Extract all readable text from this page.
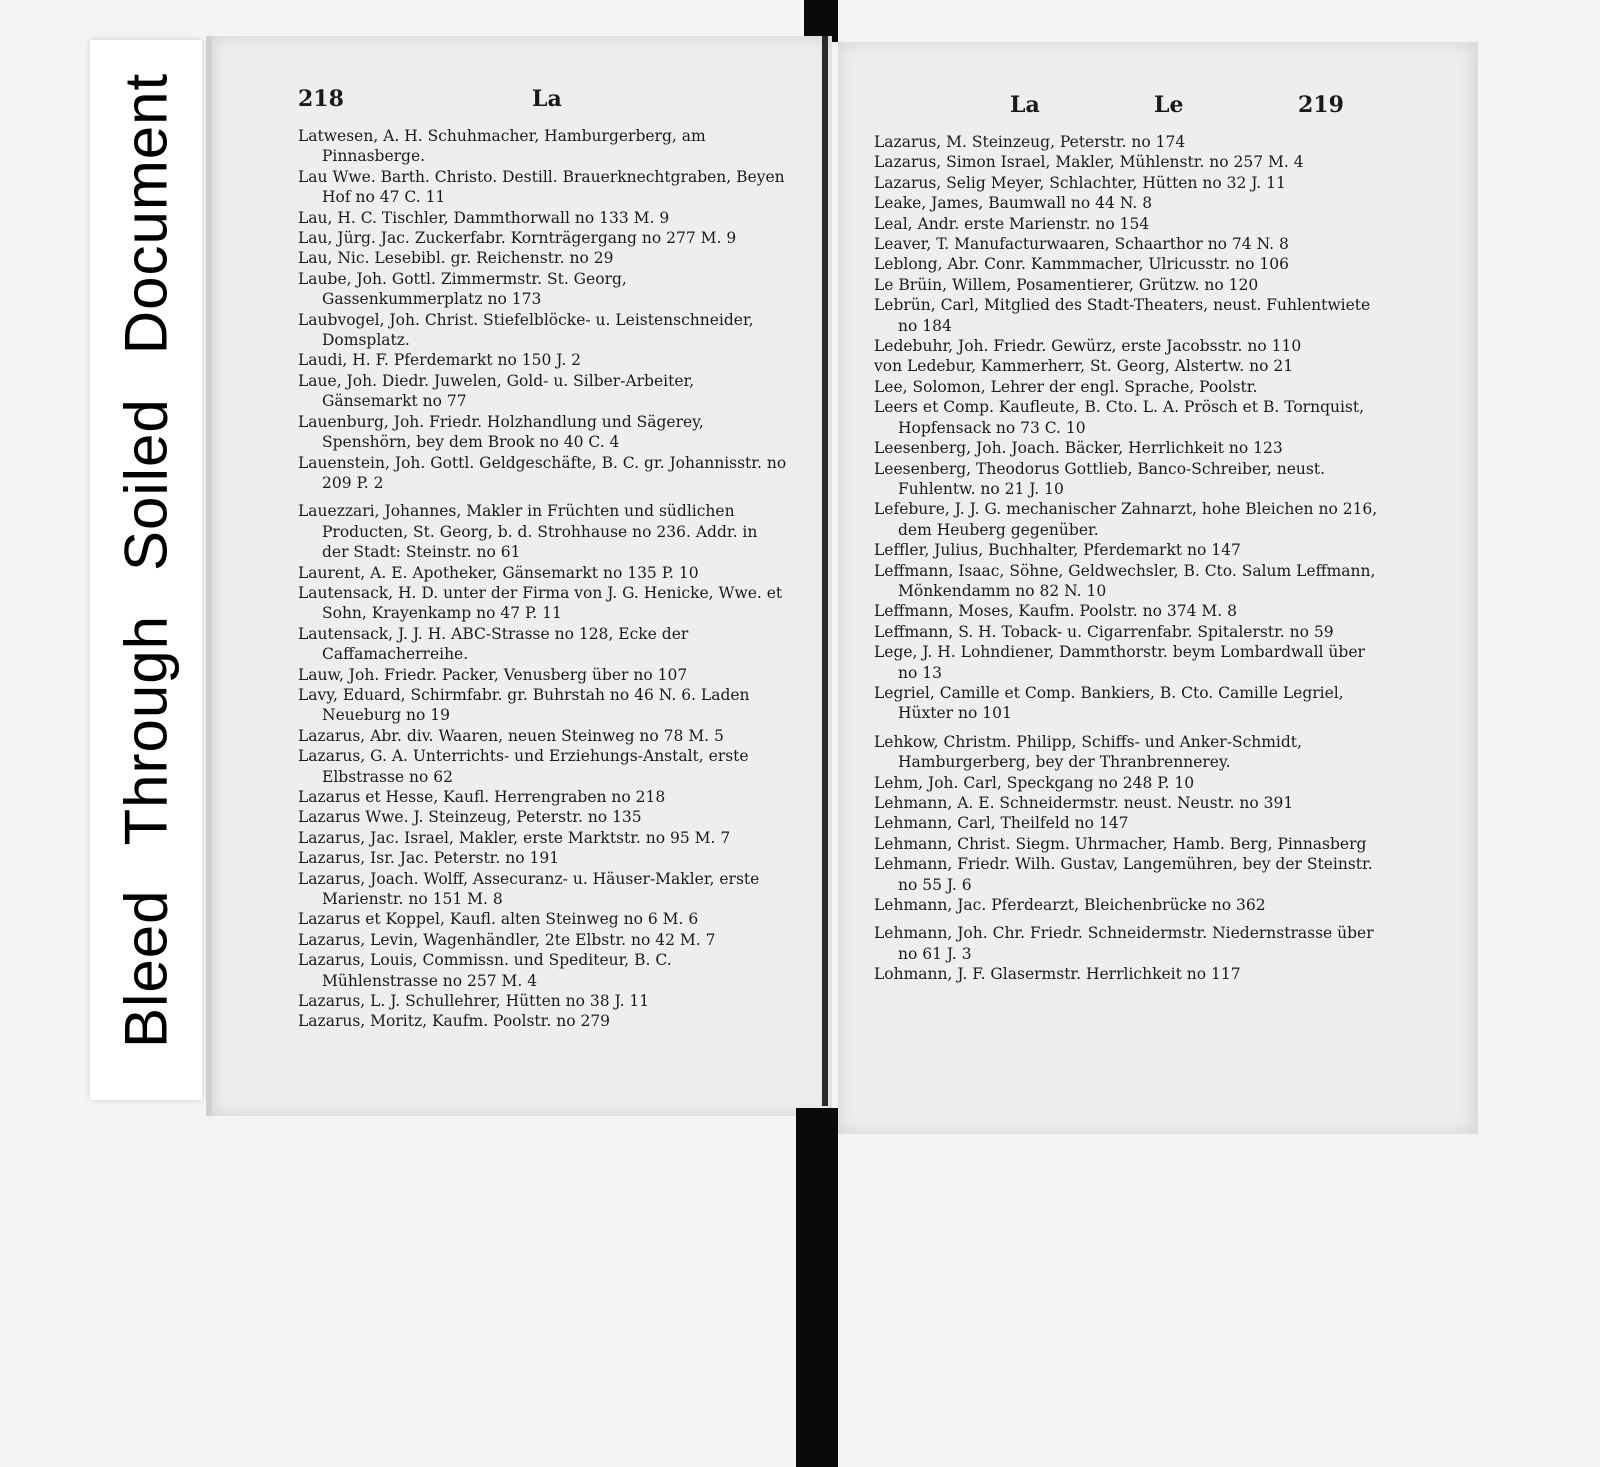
BleedThroughSoiledDocument	218	La
Latwesen, A. H. Schuhmacher, Hamburgerberg, am Pinnasberge.
Lau Wwe. Barth. Christo. Destill. Brauerknechtgraben, Beyen Hof no 47 C. 11
Lau, H. C. Tischler, Dammthorwall no 133 M. 9
Lau, Jürg. Jac. Zuckerfabr. Kornträgergang no 277 M. 9
Lau, Nic. Lesebibl. gr. Reichenstr. no 29
Laube, Joh. Gottl. Zimmermstr. St. Georg, Gassenkummerplatz no 173
Laubvogel, Joh. Christ. Stiefelblöcke- u. Leistenschneider, Domsplatz.
Laudi, H. F. Pferdemarkt no 150 J. 2
Laue, Joh. Diedr. Juwelen, Gold- u. Silber-Arbeiter, Gänsemarkt no 77
Lauenburg, Joh. Friedr. Holzhandlung und Sägerey, Spenshörn, bey dem Brook no 40 C. 4
Lauenstein, Joh. Gottl. Geldgeschäfte, B. C. gr. Johannisstr. no 209 P. 2
Lauezzari, Johannes, Makler in Früchten und südlichen Producten, St. Georg, b. d. Strohhause no 236. Addr. in der Stadt: Steinstr. no 61
Laurent, A. E. Apotheker, Gänsemarkt no 135 P. 10
Lautensack, H. D. unter der Firma von J. G. Henicke, Wwe. et Sohn, Krayenkamp no 47 P. 11
Lautensack, J. J. H. ABC-Strasse no 128, Ecke der Caffamacherreihe.
Lauw, Joh. Friedr. Packer, Venusberg über no 107
Lavy, Eduard, Schirmfabr. gr. Buhrstah no 46 N. 6. Laden Neueburg no 19
Lazarus, Abr. div. Waaren, neuen Steinweg no 78 M. 5
Lazarus, G. A. Unterrichts- und Erziehungs-Anstalt, erste Elbstrasse no 62
Lazarus et Hesse, Kaufl. Herrengraben no 218
Lazarus Wwe. J. Steinzeug, Peterstr. no 135
Lazarus, Jac. Israel, Makler, erste Marktstr. no 95 M. 7
Lazarus, Isr. Jac. Peterstr. no 191
Lazarus, Joach. Wolff, Assecuranz- u. Häuser-Makler, erste Marienstr. no 151 M. 8
Lazarus et Koppel, Kaufl. alten Steinweg no 6 M. 6
Lazarus, Levin, Wagenhändler, 2te Elbstr. no 42 M. 7
Lazarus, Louis, Commissn. und Spediteur, B. C. Mühlenstrasse no 257 M. 4
Lazarus, L. J. Schullehrer, Hütten no 38 J. 11
Lazarus, Moritz, Kaufm. Poolstr. no 279
La	Le	219
Lazarus, M. Steinzeug, Peterstr. no 174
Lazarus, Simon Israel, Makler, Mühlenstr. no 257 M. 4
Lazarus, Selig Meyer, Schlachter, Hütten no 32 J. 11
Leake, James, Baumwall no 44 N. 8
Leal, Andr. erste Marienstr. no 154
Leaver, T. Manufacturwaaren, Schaarthor no 74 N. 8
Leblong, Abr. Conr. Kammmacher, Ulricusstr. no 106
Le Brüin, Willem, Posamentierer, Grützw. no 120
Lebrün, Carl, Mitglied des Stadt-Theaters, neust. Fuhlentwiete no 184
Ledebuhr, Joh. Friedr. Gewürz, erste Jacobsstr. no 110
von Ledebur, Kammerherr, St. Georg, Alstertw. no 21
Lee, Solomon, Lehrer der engl. Sprache, Poolstr.
Leers et Comp. Kaufleute, B. Cto. L. A. Prösch et B. Tornquist, Hopfensack no 73 C. 10
Leesenberg, Joh. Joach. Bäcker, Herrlichkeit no 123
Leesenberg, Theodorus Gottlieb, Banco-Schreiber, neust. Fuhlentw. no 21 J. 10
Lefebure, J. J. G. mechanischer Zahnarzt, hohe Bleichen no 216, dem Heuberg gegenüber.
Leffler, Julius, Buchhalter, Pferdemarkt no 147
Leffmann, Isaac, Söhne, Geldwechsler, B. Cto. Salum Leffmann, Mönkendamm no 82 N. 10
Leffmann, Moses, Kaufm. Poolstr. no 374 M. 8
Leffmann, S. H. Toback- u. Cigarrenfabr. Spitalerstr. no 59
Lege, J. H. Lohndiener, Dammthorstr. beym Lombardwall über no 13
Legriel, Camille et Comp. Bankiers, B. Cto. Camille Legriel, Hüxter no 101
Lehkow, Christm. Philipp, Schiffs- und Anker-Schmidt, Hamburgerberg, bey der Thranbrennerey.
Lehm, Joh. Carl, Speckgang no 248 P. 10
Lehmann, A. E. Schneidermstr. neust. Neustr. no 391
Lehmann, Carl, Theilfeld no 147
Lehmann, Christ. Siegm. Uhrmacher, Hamb. Berg, Pinnasberg
Lehmann, Friedr. Wilh. Gustav, Langemühren, bey der Steinstr. no 55 J. 6
Lehmann, Jac. Pferdearzt, Bleichenbrücke no 362
Lehmann, Joh. Chr. Friedr. Schneidermstr. Niedernstrasse über no 61 J. 3
Lohmann, J. F. Glasermstr. Herrlichkeit no 117
